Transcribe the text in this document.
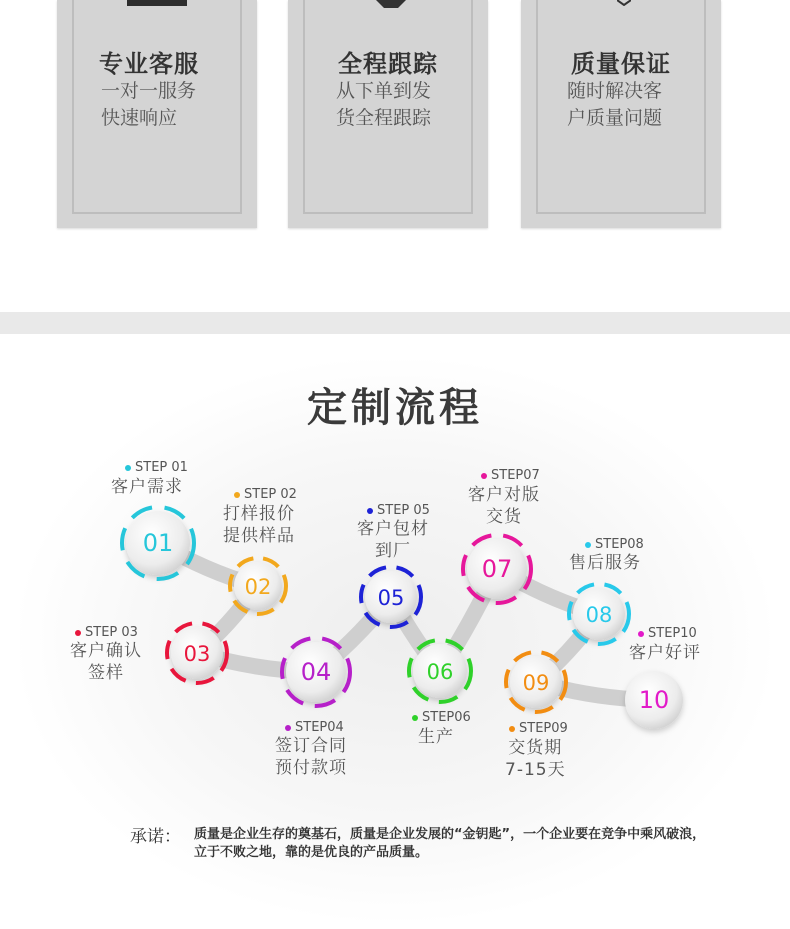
专业客服
一对一服务
快速响应
全程跟踪
从下单到发
货全程跟踪
质量保证
随时解决客
户质量问题
定制流程
01
02
03
04
05
06
07
08
09
10
STEP 01
客户需求	STEP 02
打样报价
提供样品
STEP 03
客户确认
签样
STEP04
签订合同
预付款项
STEP 05
客户包材
到厂
STEP06
生产
STEP07
客户对版
交货
STEP08
售后服务
STEP09
交货期
7-15天
STEP10
客户好评
承诺： 质量是企业生存的奠基石，质量是企业发展的“金钥匙”，一个企业要在竞争中乘风破浪，立于不败之地，靠的是优良的产品质量。
